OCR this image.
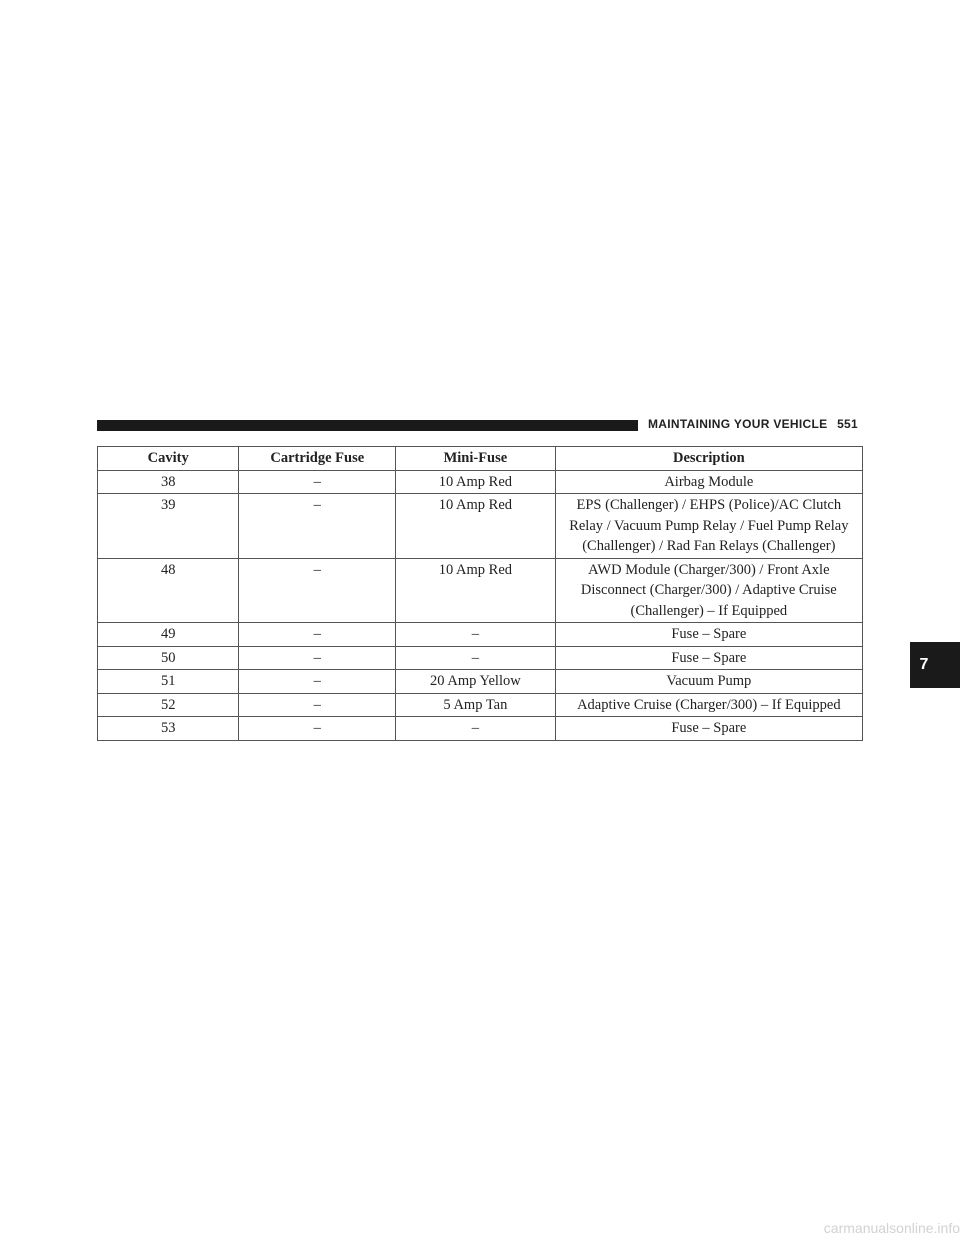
MAINTAINING YOUR VEHICLE 551
7
Cavity	Cartridge Fuse	Mini-Fuse	Description
38	–	10 Amp Red	Airbag Module
39	–	10 Amp Red	EPS (Challenger) / EHPS (Police)/AC Clutch Relay / Vacuum Pump Relay / Fuel Pump Relay (Challenger) / Rad Fan Relays (Challenger)
48	–	10 Amp Red	AWD Module (Charger/300) / Front Axle Disconnect (Charger/300) / Adaptive Cruise (Challenger) – If Equipped
49	–	–	Fuse – Spare
50	–	–	Fuse – Spare
51	–	20 Amp Yellow	Vacuum Pump
52	–	5 Amp Tan	Adaptive Cruise (Charger/300) – If Equipped
53	–	–	Fuse – Spare
carmanualsonline.info
